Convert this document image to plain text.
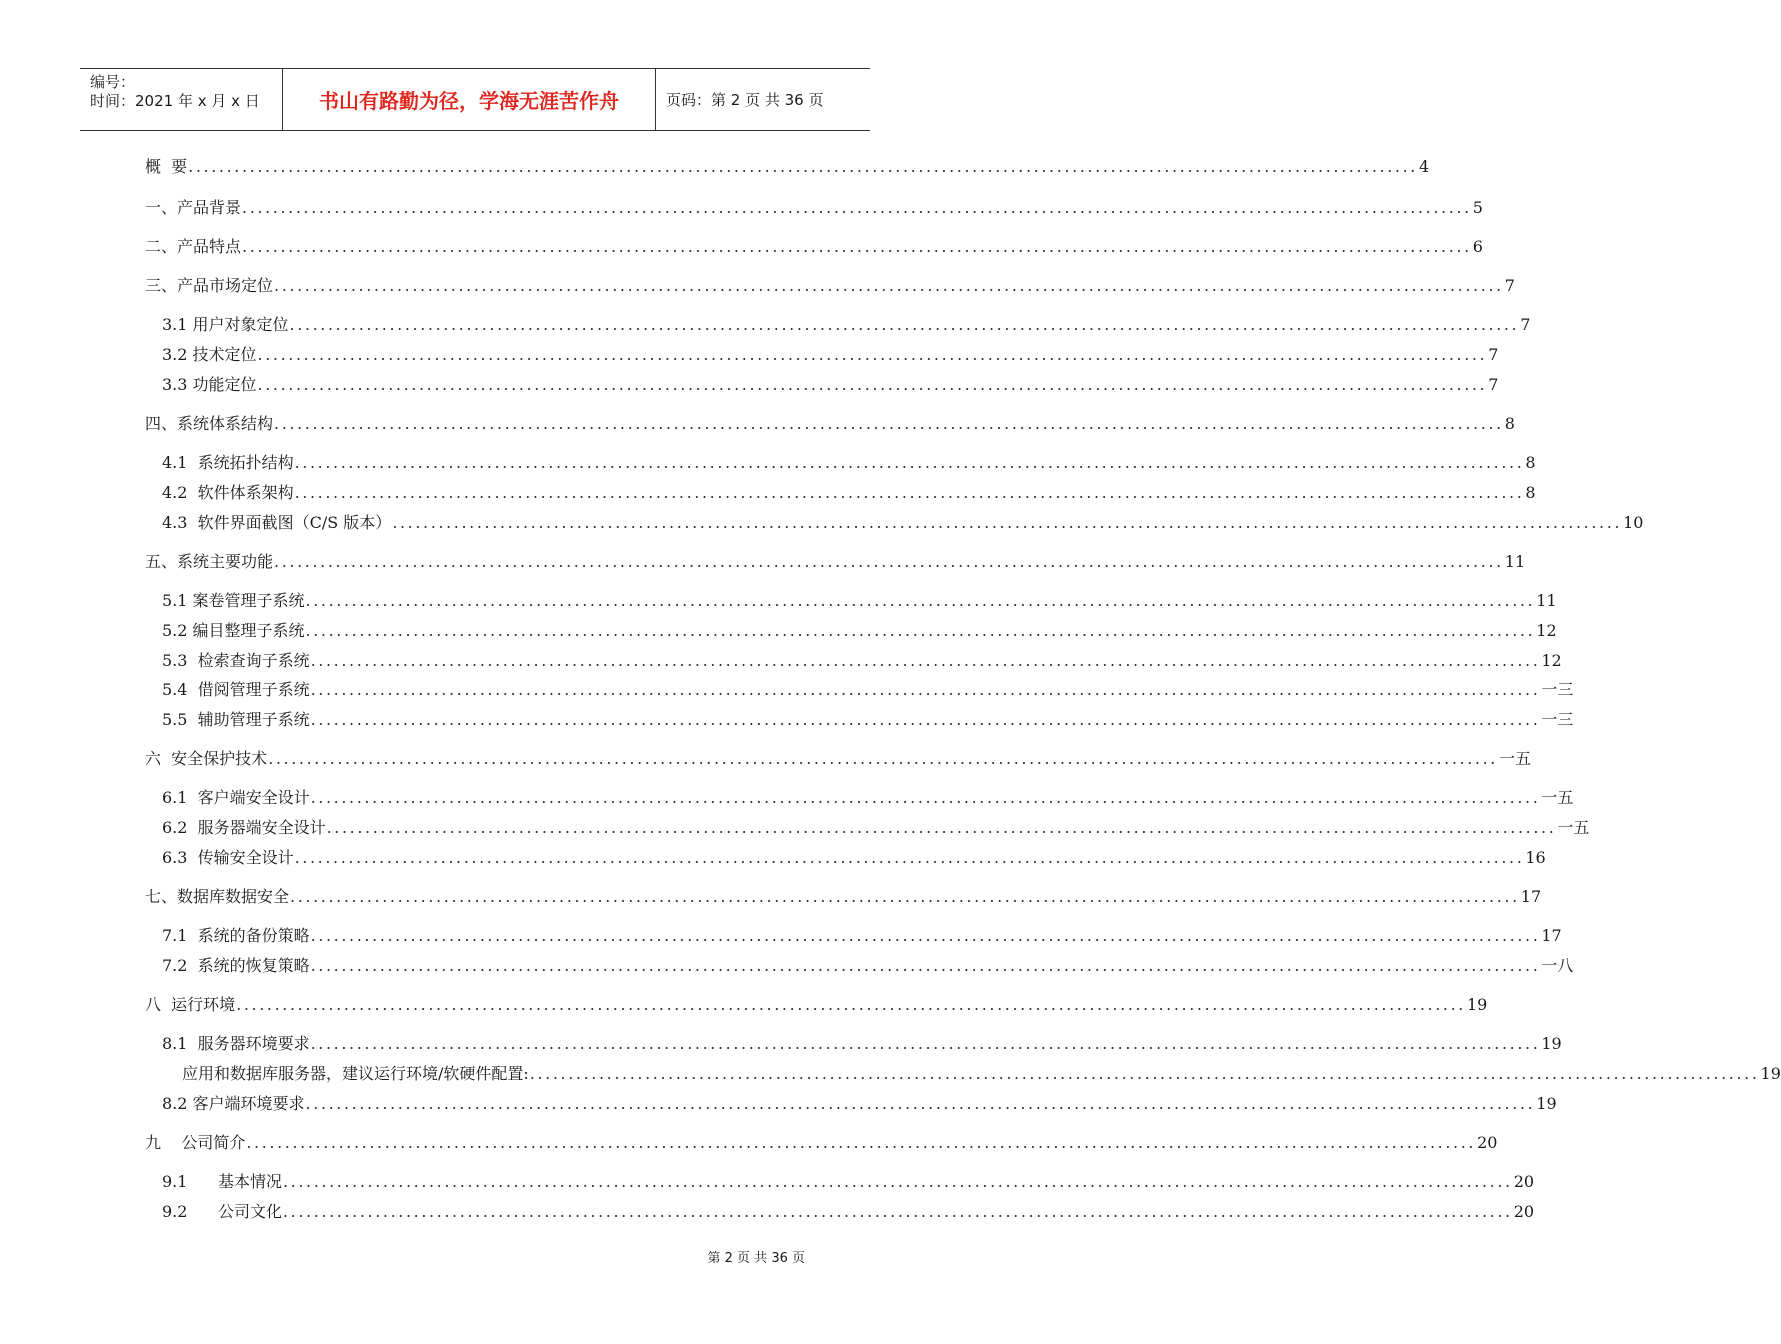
编号：
时间：2021 年 x 月 x 日	书山有路勤为径，学海无涯苦作舟	页码：第 2 页 共 36 页
概  要 ................................................................................................................................................................ 4
一、产品背景 ................................................................................................................................................................ 5
二、产品特点 ................................................................................................................................................................ 6
三、产品市场定位 ................................................................................................................................................................ 7
3.1 用户对象定位 ................................................................................................................................................................ 7
3.2 技术定位 ................................................................................................................................................................ 7
3.3 功能定位 ................................................................................................................................................................ 7
四、系统体系结构 ................................................................................................................................................................ 8
4.1  系统拓扑结构 ................................................................................................................................................................ 8
4.2  软件体系架构 ................................................................................................................................................................ 8
4.3  软件界面截图（C/S 版本） ................................................................................................................................................................ 10
五、系统主要功能 ................................................................................................................................................................ 11
5.1 案卷管理子系统 ................................................................................................................................................................ 11
5.2 编目整理子系统 ................................................................................................................................................................ 12
5.3  检索查询子系统 ................................................................................................................................................................ 12
5.4  借阅管理子系统 ................................................................................................................................................................ 一三
5.5  辅助管理子系统 ................................................................................................................................................................ 一三
六  安全保护技术 ................................................................................................................................................................ 一五
6.1  客户端安全设计 ................................................................................................................................................................ 一五
6.2  服务器端安全设计 ................................................................................................................................................................ 一五
6.3  传输安全设计 ................................................................................................................................................................ 16
七、数据库数据安全 ................................................................................................................................................................ 17
7.1  系统的备份策略 ................................................................................................................................................................ 17
7.2  系统的恢复策略 ................................................................................................................................................................ 一八
八  运行环境 ................................................................................................................................................................ 19
8.1  服务器环境要求 ................................................................................................................................................................ 19
应用和数据库服务器，建议运行环境/软硬件配置: ................................................................................................................................................................ 19
8.2 客户端环境要求 ................................................................................................................................................................ 19
九    公司简介 ................................................................................................................................................................ 20
9.1      基本情况 ................................................................................................................................................................ 20
9.2      公司文化 ................................................................................................................................................................ 20
第 2 页 共 36 页
